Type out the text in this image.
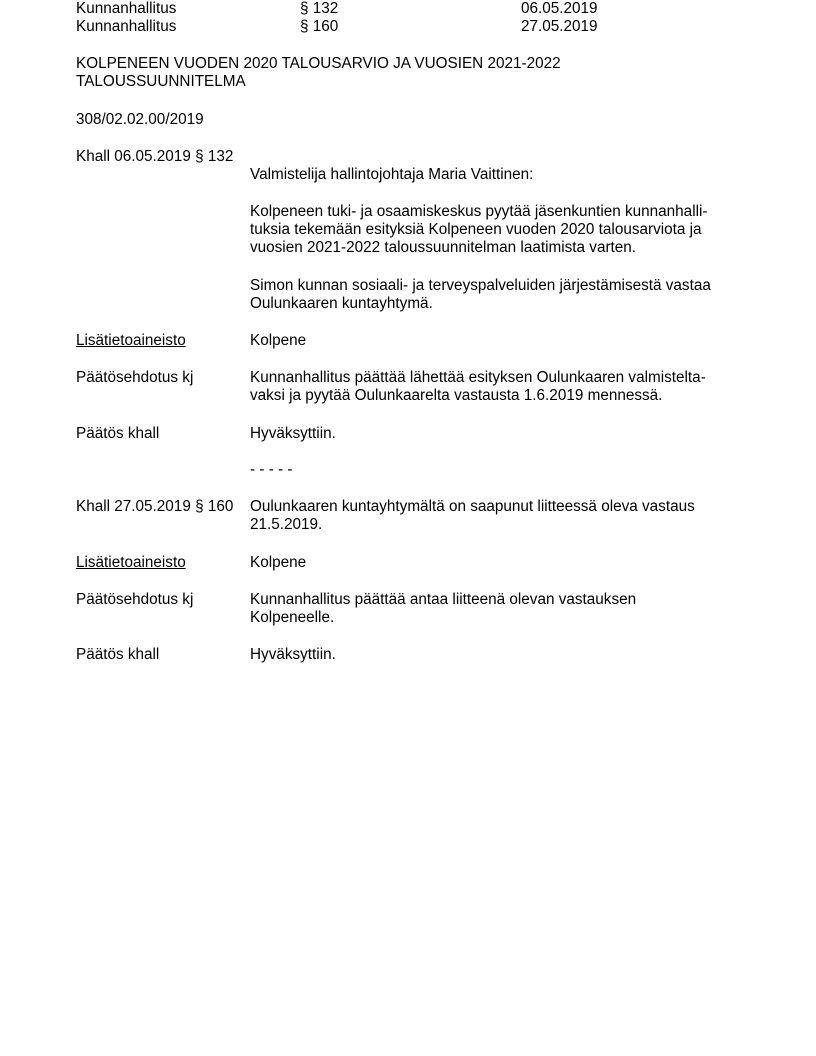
Kunnanhallitus	§ 132	06.05.2019
Kunnanhallitus	§ 160	27.05.2019
KOLPENEEN VUODEN 2020 TALOUSARVIO JA VUOSIEN 2021-2022
TALOUSSUUNNITELMA
308/02.02.00/2019
Khall 06.05.2019 § 132
Valmistelija hallintojohtaja Maria Vaittinen:
Kolpeneen tuki- ja osaamiskeskus pyytää jäsenkuntien kunnanhalli-
tuksia tekemään esityksiä Kolpeneen vuoden 2020 talousarviota ja
vuosien 2021-2022 taloussuunnitelman laatimista varten.
Simon kunnan sosiaali- ja terveyspalveluiden järjestämisestä vastaa
Oulunkaaren kuntayhtymä.
Lisätietoaineisto	Kolpene
Päätösehdotus kj	Kunnanhallitus päättää lähettää esityksen Oulunkaaren valmistelta-
vaksi ja pyytää Oulunkaarelta vastausta 1.6.2019 mennessä.
Päätös khall	Hyväksyttiin.
- - - - -
Khall 27.05.2019 § 160 Oulunkaaren kuntayhtymältä on saapunut liitteessä oleva vastaus
21.5.2019.
Lisätietoaineisto	Kolpene
Päätösehdotus kj	Kunnanhallitus päättää antaa liitteenä olevan vastauksen
Kolpeneelle.
Päätös khall	Hyväksyttiin.
